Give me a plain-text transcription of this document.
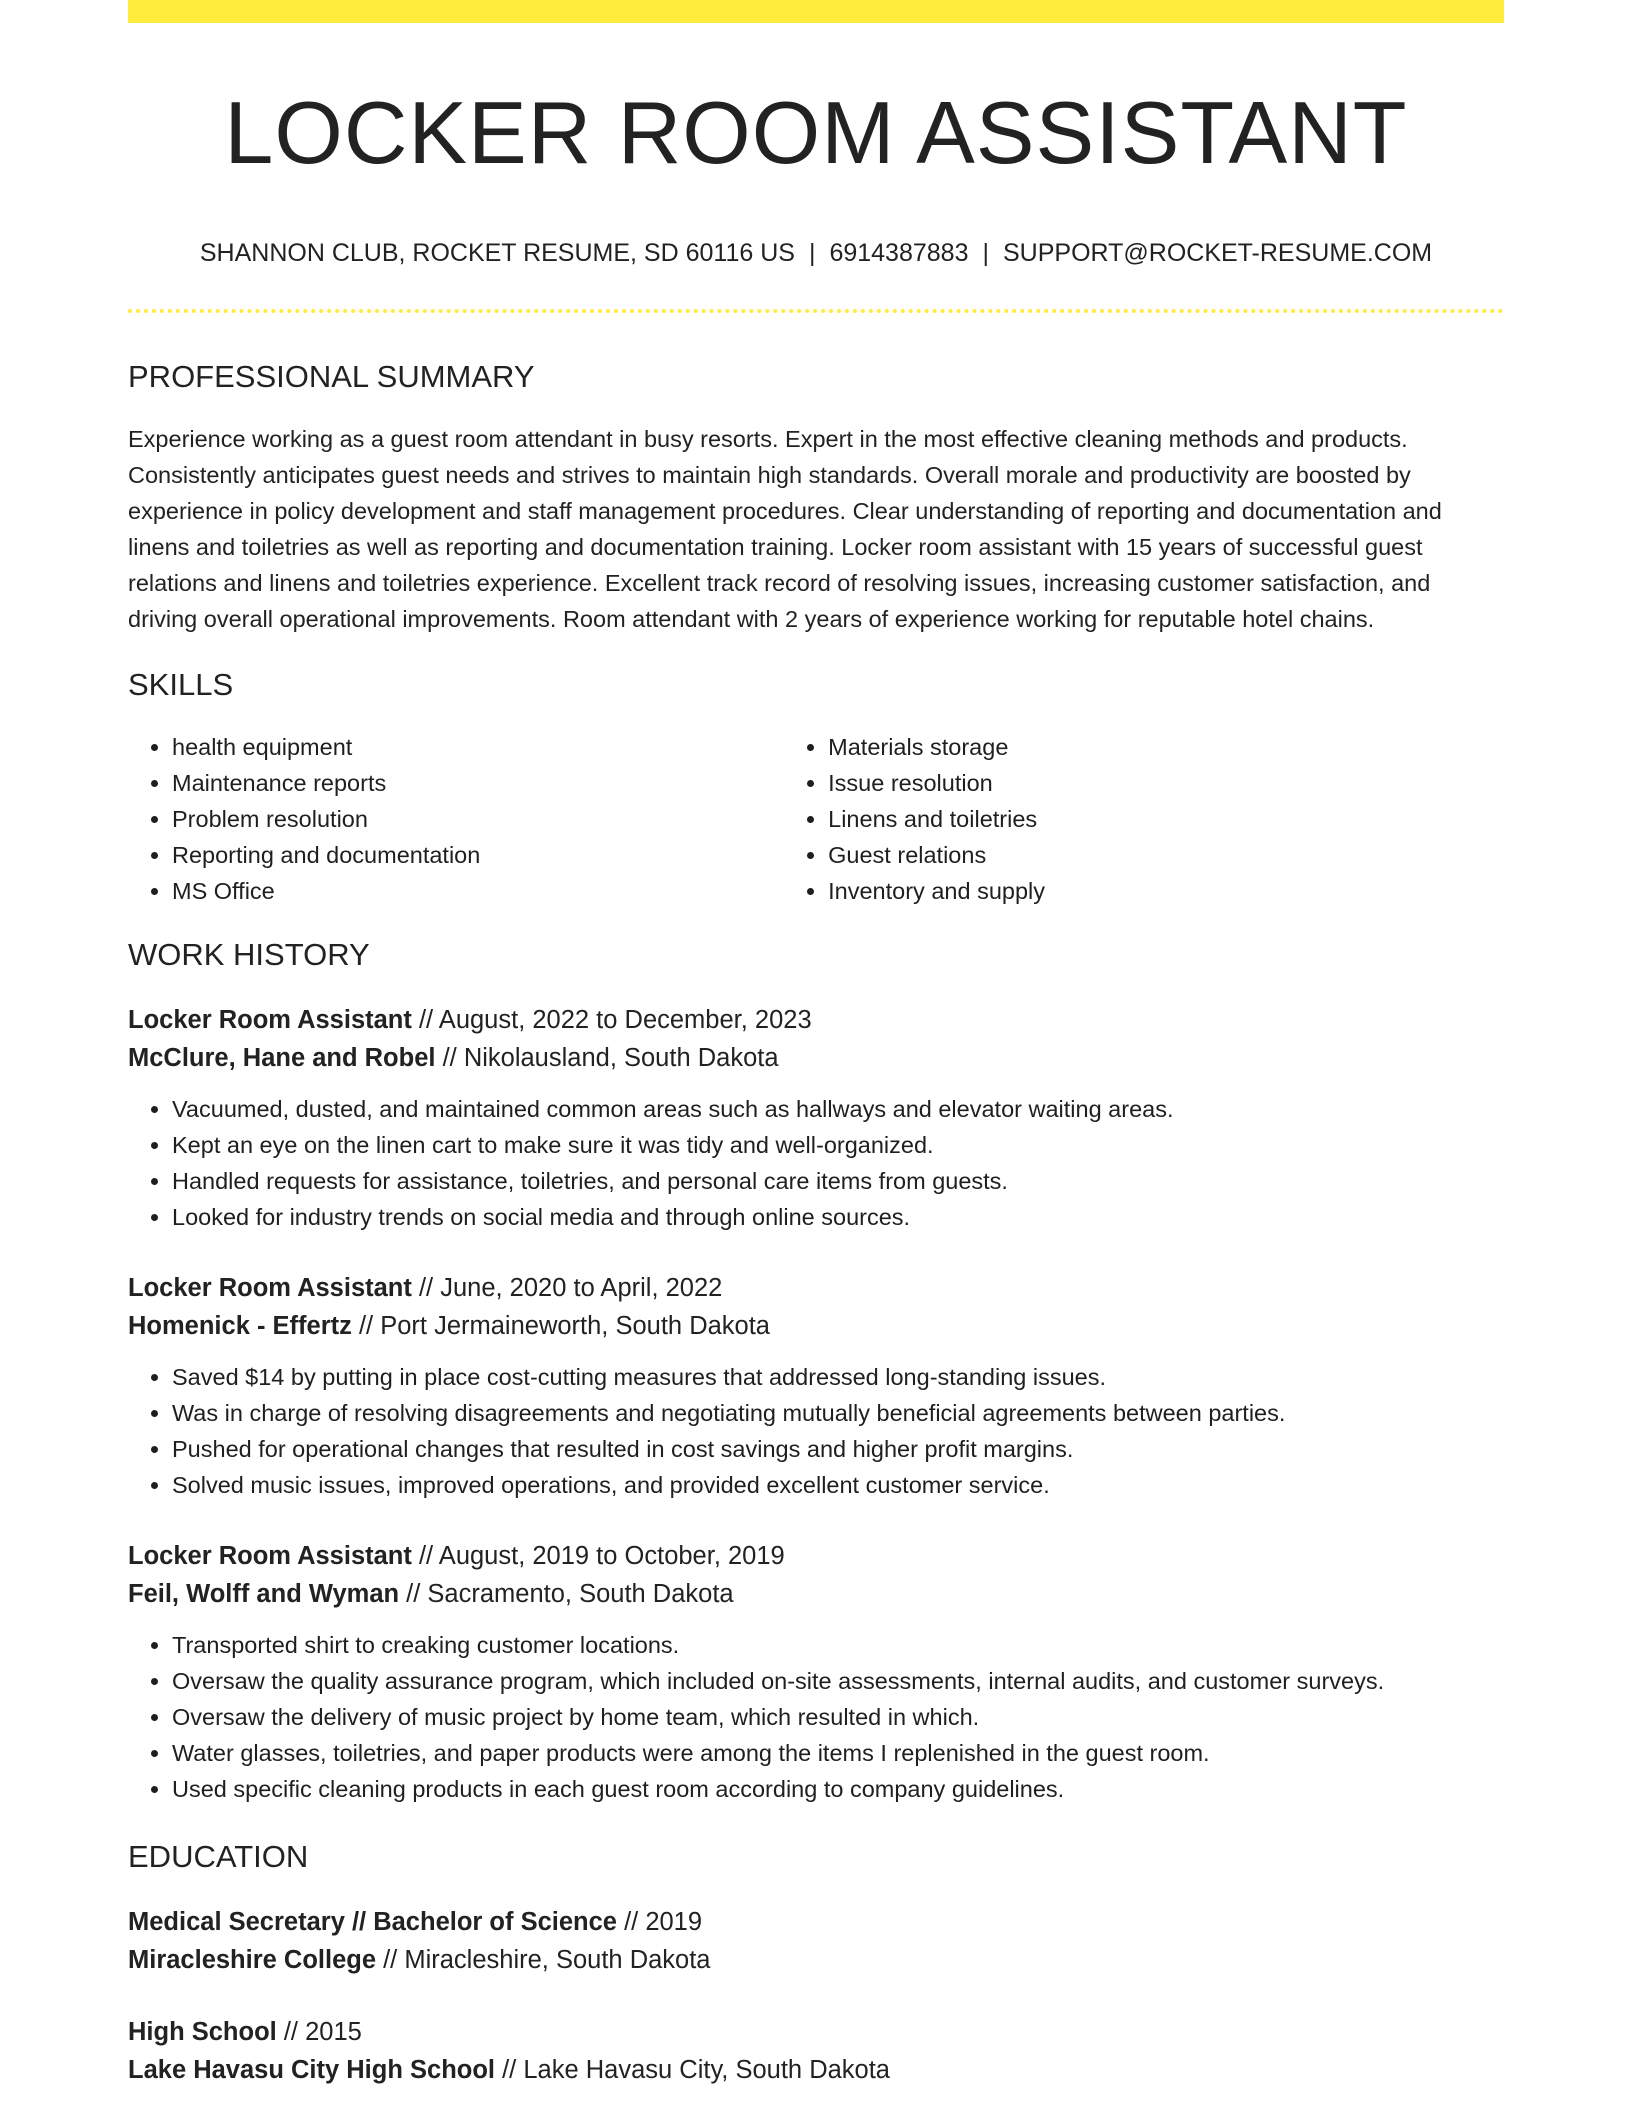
LOCKER ROOM ASSISTANT
SHANNON CLUB, ROCKET RESUME, SD 60116 US | 6914387883 | SUPPORT@ROCKET-RESUME.COM
PROFESSIONAL SUMMARY
Experience working as a guest room attendant in busy resorts. Expert in the most effective cleaning methods and products. Consistently anticipates guest needs and strives to maintain high standards. Overall morale and productivity are boosted by experience in policy development and staff management procedures. Clear understanding of reporting and documentation and linens and toiletries as well as reporting and documentation training. Locker room assistant with 15 years of successful guest relations and linens and toiletries experience. Excellent track record of resolving issues, increasing customer satisfaction, and driving overall operational improvements. Room attendant with 2 years of experience working for reputable hotel chains.
SKILLS
• health equipment
• Maintenance reports
• Problem resolution
• Reporting and documentation
• MS Office
• Materials storage
• Issue resolution
• Linens and toiletries
• Guest relations
• Inventory and supply
WORK HISTORY
Locker Room Assistant // August, 2022 to December, 2023
McClure, Hane and Robel // Nikolausland, South Dakota
• Vacuumed, dusted, and maintained common areas such as hallways and elevator waiting areas.
• Kept an eye on the linen cart to make sure it was tidy and well-organized.
• Handled requests for assistance, toiletries, and personal care items from guests.
• Looked for industry trends on social media and through online sources.
Locker Room Assistant // June, 2020 to April, 2022
Homenick - Effertz // Port Jermaineworth, South Dakota
• Saved $14 by putting in place cost-cutting measures that addressed long-standing issues.
• Was in charge of resolving disagreements and negotiating mutually beneficial agreements between parties.
• Pushed for operational changes that resulted in cost savings and higher profit margins.
• Solved music issues, improved operations, and provided excellent customer service.
Locker Room Assistant // August, 2019 to October, 2019
Feil, Wolff and Wyman // Sacramento, South Dakota
• Transported shirt to creaking customer locations.
• Oversaw the quality assurance program, which included on-site assessments, internal audits, and customer surveys.
• Oversaw the delivery of music project by home team, which resulted in which.
• Water glasses, toiletries, and paper products were among the items I replenished in the guest room.
• Used specific cleaning products in each guest room according to company guidelines.
EDUCATION
Medical Secretary // Bachelor of Science // 2019
Miracleshire College // Miracleshire, South Dakota
High School // 2015
Lake Havasu City High School // Lake Havasu City, South Dakota
